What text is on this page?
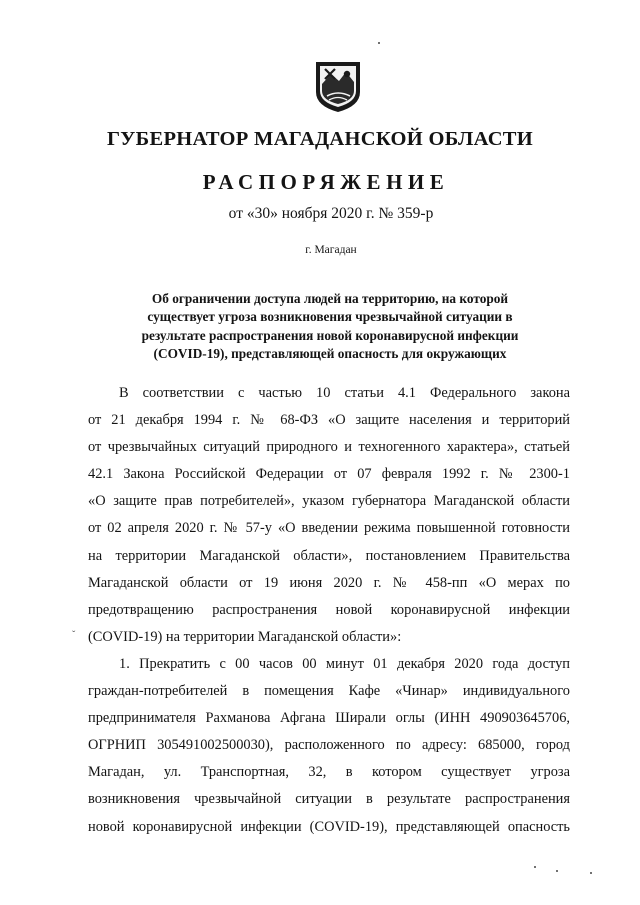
ГУБЕРНАТОР МАГАДАНСКОЙ ОБЛАСТИ
РАСПОРЯЖЕНИЕ
от «30» ноября 2020 г. № 359-р
г. Магадан
Об ограничении доступа людей на территорию, на которой
существует угроза возникновения чрезвычайной ситуации в
результате распространения новой коронавирусной инфекции
(COVID-19), представляющей опасность для окружающих
В соответствии с частью 10 статьи 4.1 Федерального закона
от 21 декабря 1994 г. № 68-ФЗ «О защите населения и территорий
от чрезвычайных ситуаций природного и техногенного характера», статьей
42.1 Закона Российской Федерации от 07 февраля 1992 г. № 2300-1
«О защите прав потребителей», указом губернатора Магаданской области
от 02 апреля 2020 г. № 57-у «О введении режима повышенной готовности
на территории Магаданской области», постановлением Правительства
Магаданской области от 19 июня 2020 г. № 458-пп «О мерах по
предотвращению распространения новой коронавирусной инфекции
(COVID-19) на территории Магаданской области»:
1. Прекратить с 00 часов 00 минут 01 декабря 2020 года доступ
граждан-потребителей в помещения Кафе «Чинар» индивидуального
предпринимателя Рахманова Афгана Ширали оглы (ИНН 490903645706,
ОГРНИП 305491002500030), расположенного по адресу: 685000, город
Магадан, ул. Транспортная, 32, в котором существует угроза
возникновения чрезвычайной ситуации в результате распространения
новой коронавирусной инфекции (COVID-19), представляющей опасность
ˇ
